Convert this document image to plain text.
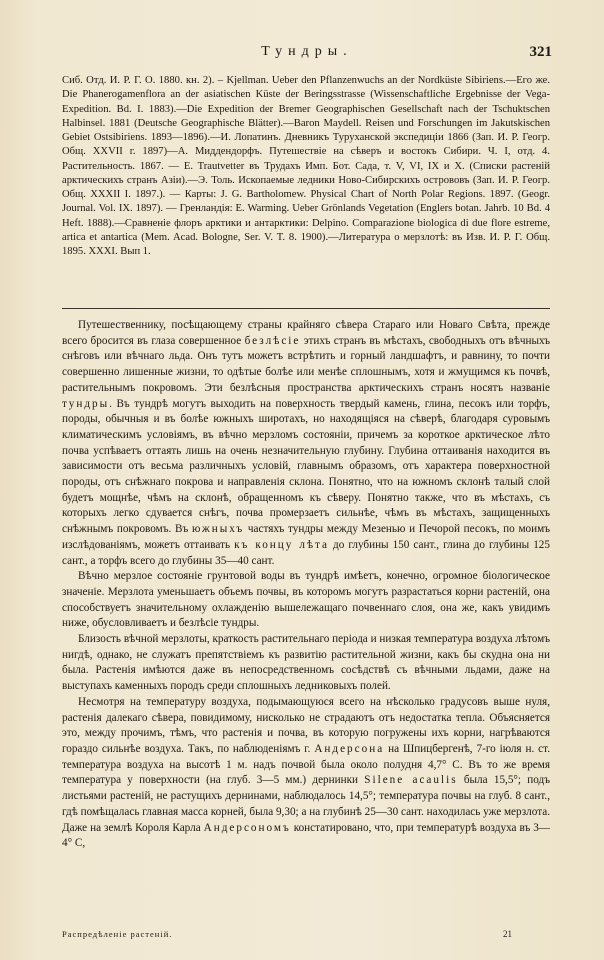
Тундры.	321
Сиб. Отд. И. Р. Г. О. 1880. кн. 2). – Kjellman. Ueber den Pflanzenwuchs an der Nordküste Sibiriens.—Его же. Die Phanerogamenflora an der asiatischen Küste der Beringsstrasse (Wissenschaftliche Ergebnisse der Vega-Expedition. Bd. I. 1883).—Die Expedition der Bremer Geographischen Gesellschaft nach der Tschuktschen Halbinsel. 1881 (Deutsche Geographische Blätter).—Baron Maydell. Reisen und Forschungen im Jakutskischen Gebiet Ostsibiriens. 1893—1896).—И. Лопатинъ. Дневникъ Туруханской экспедиціи 1866 (Зап. И. Р. Геогр. Общ. XXVII г. 1897)—А. Миддендорфъ. Путешествіе на сѣверъ и востокъ Сибири. Ч. I, отд. 4. Растительность. 1867. — E. Trautvetter въ Трудахъ Имп. Бот. Сада, т. V, VI, IX и X. (Списки растеній арктическихъ странъ Азіи).—Э. Толь. Ископаемые ледники Ново-Сибирскихъ острововъ (Зап. И. Р. Геогр. Общ. XXXII I. 1897.). — Карты: J. G. Bartholomew. Physical Chart of North Polar Regions. 1897. (Geogr. Journal. Vol. IX. 1897). — Гренландія: E. Warming. Ueber Grönlands Vegetation (Englers botan. Jahrb. 10 Bd. 4 Heft. 1888).—Сравненіе флоръ арктики и антарктики: Delpino. Comparazione biologica di due flore estreme, artica et antartica (Mem. Acad. Bologne, Ser. V. T. 8. 1900).—Литература о мерзлотѣ: въ Изв. И. Р. Г. Общ. 1895. XXXI. Вып 1.

Путешественнику, посѣщающему страны крайняго сѣвера Стараго или Новаго Свѣта, прежде всего бросится въ глаза совершенное безлѣсіе этихъ странъ въ мѣстахъ, свободныхъ отъ вѣчныхъ снѣговъ или вѣчнаго льда. Онъ тутъ можетъ встрѣтить и горный ландшафтъ, и равнину, то почти совершенно лишенные жизни, то одѣтые болѣе или менѣе сплошнымъ, хотя и жмущимся къ почвѣ, растительнымъ покровомъ. Эти безлѣсныя пространства арктическихъ странъ носятъ названіе тундры. Въ тундрѣ могутъ выходить на поверхность твердый камень, глина, песокъ или торфъ, породы, обычныя и въ болѣе южныхъ широтахъ, но находящіяся на сѣверѣ, благодаря суровымъ климатическимъ условіямъ, въ вѣчно мерзломъ состояніи, причемъ за короткое арктическое лѣто почва успѣваетъ оттаять лишь на очень незначительную глубину. Глубина оттаиванія находится въ зависимости отъ весьма различныхъ условій, главнымъ образомъ, отъ характера поверхностной породы, отъ снѣжнаго покрова и направленія склона. Понятно, что на южномъ склонѣ талый слой будетъ мощнѣе, чѣмъ на склонѣ, обращенномъ къ сѣверу. Понятно также, что въ мѣстахъ, съ которыхъ легко сдувается снѣгъ, почва промерзаетъ сильнѣе, чѣмъ въ мѣстахъ, защищенныхъ снѣжнымъ покровомъ. Въ южныхъ частяхъ тундры между Мезенью и Печорой песокъ, по моимъ изслѣдованіямъ, можетъ оттаивать къ концу лѣта до глубины 150 сант., глина до глубины 125 сант., а торфъ всего до глубины 35—40 сант.

Вѣчно мерзлое состояніе грунтовой воды въ тундрѣ имѣетъ, конечно, огромное біологическое значеніе. Мерзлота уменьшаетъ объемъ почвы, въ которомъ могутъ разрастаться корни растеній, она способствуетъ значительному охлажденію вышележащаго почвеннаго слоя, она же, какъ увидимъ ниже, обусловливаетъ и безлѣсіе тундры.

Близость вѣчной мерзлоты, краткость растительнаго періода и низкая температура воздуха лѣтомъ нигдѣ, однако, не служатъ препятствіемъ къ развитію растительной жизни, какъ бы скудна она ни была. Растенія имѣются даже въ непосредственномъ сосѣдствѣ съ вѣчными льдами, даже на выступахъ каменныхъ породъ среди сплошныхъ ледниковыхъ полей.

Несмотря на температуру воздуха, подымающуюся всего на нѣсколько градусовъ выше нуля, растенія далекаго сѣвера, повидимому, нисколько не страдаютъ отъ недостатка тепла. Объясняется это, между прочимъ, тѣмъ, что растенія и почва, въ которую погружены ихъ корни, нагрѣваются гораздо сильнѣе воздуха. Такъ, по наблюденіямъ г. Андерсона на Шпицбергенѣ, 7-го іюля н. ст. температура воздуха на высотѣ 1 м. надъ почвой была около полудня 4,7° С. Въ то же время температура у поверхности (на глуб. 3—5 мм.) дернинки Silene acaulis была 15,5°; подъ листьями растеній, не растущихъ дернинами, наблюдалось 14,5°; температура почвы на глуб. 8 сант., гдѣ помѣщалась главная масса корней, была 9,30; а на глубинѣ 25—30 сант. находилась уже мерзлота. Даже на землѣ Короля Карла Андерсономъ констатировано, что, при температурѣ воздуха въ 3—4° С,

Распредѣленіе растеній.	21
